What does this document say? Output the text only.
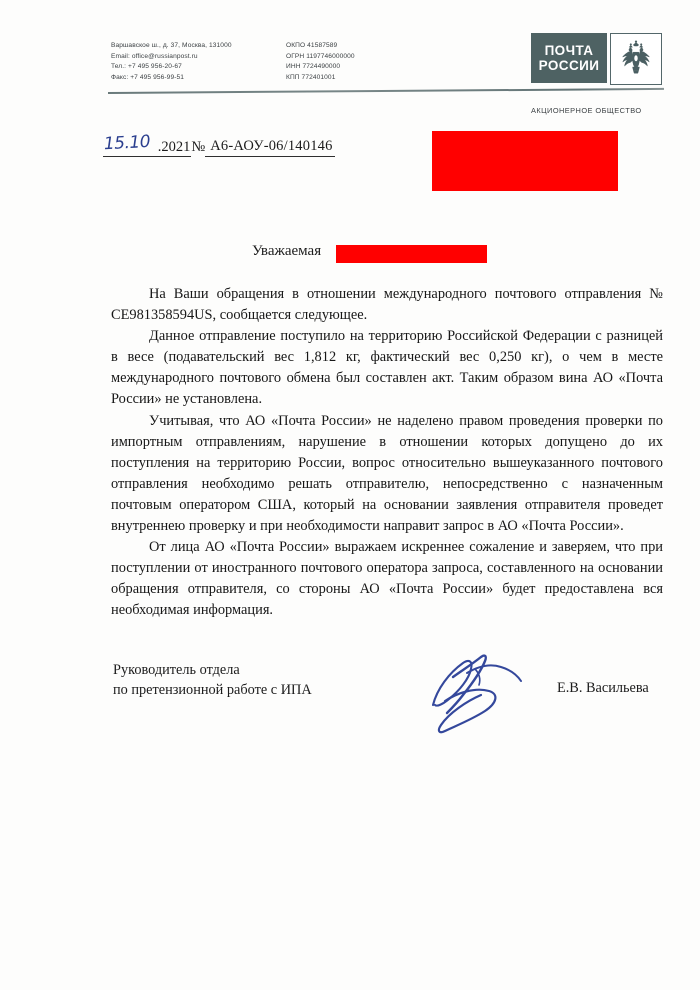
Варшавское ш., д. 37, Москва, 131000
Email: office@russianpost.ru
Тел.: +7 495 956-20-67
Факс: +7 495 956-99-51
ОКПО 41587589
ОГРН 1197746000000
ИНН 7724490000
КПП 772401001
ПОЧТА
РОССИИ
АКЦИОНЕРНОЕ ОБЩЕСТВО
15.10 .2021 № А6-АОУ-06/140146
Уважаемая

На Ваши обращения в отношении международного почтового отправления № CE981358594US, сообщается следующее.

Данное отправление поступило на территорию Российской Федерации с разницей в весе (подавательский вес 1,812 кг, фактический вес 0,250 кг), о чем в месте международного почтового обмена был составлен акт. Таким образом вина АО «Почта России» не установлена.

Учитывая, что АО «Почта России» не наделено правом проведения проверки по импортным отправлениям, нарушение в отношении которых допущено до их поступления на территорию России, вопрос относительно вышеуказанного почтового отправления необходимо решать отправителю, непосредственно с назначенным почтовым оператором США, который на основании заявления отправителя проведет внутреннею проверку и при необходимости направит запрос в АО «Почта России».

От лица АО «Почта России» выражаем искреннее сожаление и заверяем, что при поступлении от иностранного почтового оператора запроса, составленного на основании обращения отправителя, со стороны АО «Почта России» будет предоставлена вся необходимая информация.

Руководитель отдела
по претензионной работе с ИПА	Е.В. Васильева
